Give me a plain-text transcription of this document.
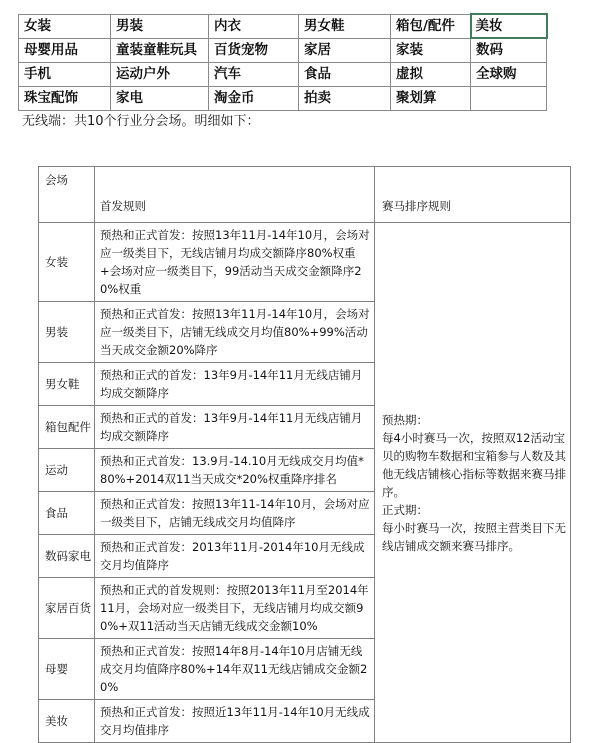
女装	男装	内衣	男女鞋	箱包/配件	美妆
母婴用品	童装童鞋玩具	百货宠物	家居	家装	数码
手机	运动户外	汽车	食品	虚拟	全球购
珠宝配饰	家电	淘金币	拍卖	聚划算	
无线端：共10个行业分会场。明细如下：
会场	首发规则	赛马排序规则
女装	预热和正式首发：按照13年11月-14年10月，会场对应一级类目下，无线店铺月均成交额降序80%权重+会场对应一级类目下，99活动当天成交金额降序20%权重	预热期：

每4小时赛马一次，按照双12活动宝贝的购物车数据和宝箱参与人数及其他无线店铺核心指标等数据来赛马排序。

正式期：

每小时赛马一次，按照主营类目下无线店铺成交额来赛马排序。

男装	预热和正式首发：按照13年11月-14年10月，会场对应一级类目下，店铺无线成交月均值80%+99%活动当天成交金额20%降序	
男女鞋	预热和正式的首发：13年9月-14年11月无线店铺月均成交额降序	
箱包配件	预热和正式的首发：13年9月-14年11月无线店铺月均成交额降序	
运动	预热和正式首发：13.9月-14.10月无线成交月均值*80%+2014双11当天成交*20%权重降序排名	
食品	预热和正式首发：按照13年11-14年10月，会场对应一级类目下，店铺无线成交月均值降序	
数码家电	预热和正式首发：2013年11月-2014年10月无线成交月均值降序	
家居百货	预热和正式的首发规则：按照2013年11月至2014年11月，会场对应一级类目下，无线店铺月均成交额90%+双11活动当天店铺无线成交金额10%	
母婴	预热和正式首发：按照14年8月-14年10月店铺无线成交月均值降序80%+14年双11无线店铺成交金额20%	
美妆	预热和正式首发：按照近13年11月-14年10月无线成交月均值排序	
